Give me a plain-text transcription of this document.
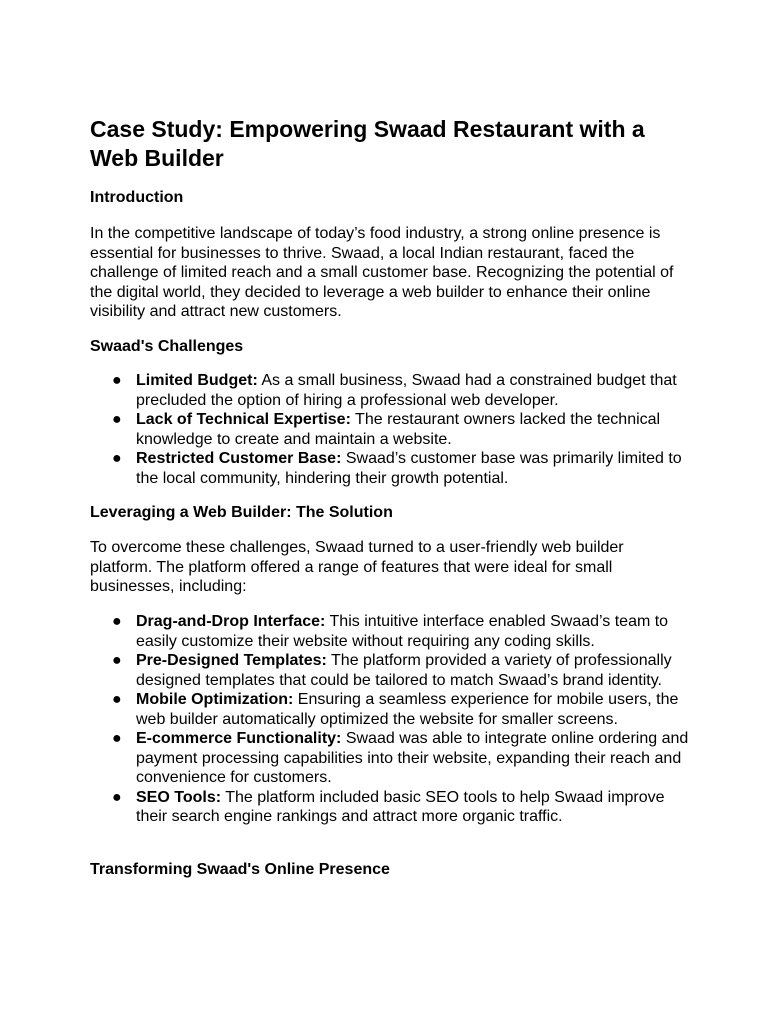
Case Study: Empowering Swaad Restaurant with a Web Builder
Introduction

In the competitive landscape of today’s food industry, a strong online presence is essential for businesses to thrive. Swaad, a local Indian restaurant, faced the challenge of limited reach and a small customer base. Recognizing the potential of the digital world, they decided to leverage a web builder to enhance their online visibility and attract new customers.

Swaad's Challenges
● Limited Budget: As a small business, Swaad had a constrained budget that precluded the option of hiring a professional web developer.
● Lack of Technical Expertise: The restaurant owners lacked the technical knowledge to create and maintain a website.
● Restricted Customer Base: Swaad’s customer base was primarily limited to the local community, hindering their growth potential.
Leveraging a Web Builder: The Solution

To overcome these challenges, Swaad turned to a user-friendly web builder platform. The platform offered a range of features that were ideal for small businesses, including:

● Drag-and-Drop Interface: This intuitive interface enabled Swaad’s team to easily customize their website without requiring any coding skills.
● Pre-Designed Templates: The platform provided a variety of professionally designed templates that could be tailored to match Swaad’s brand identity.
● Mobile Optimization: Ensuring a seamless experience for mobile users, the web builder automatically optimized the website for smaller screens.
● E-commerce Functionality: Swaad was able to integrate online ordering and payment processing capabilities into their website, expanding their reach and convenience for customers.
● SEO Tools: The platform included basic SEO tools to help Swaad improve their search engine rankings and attract more organic traffic.
Transforming Swaad's Online Presence
